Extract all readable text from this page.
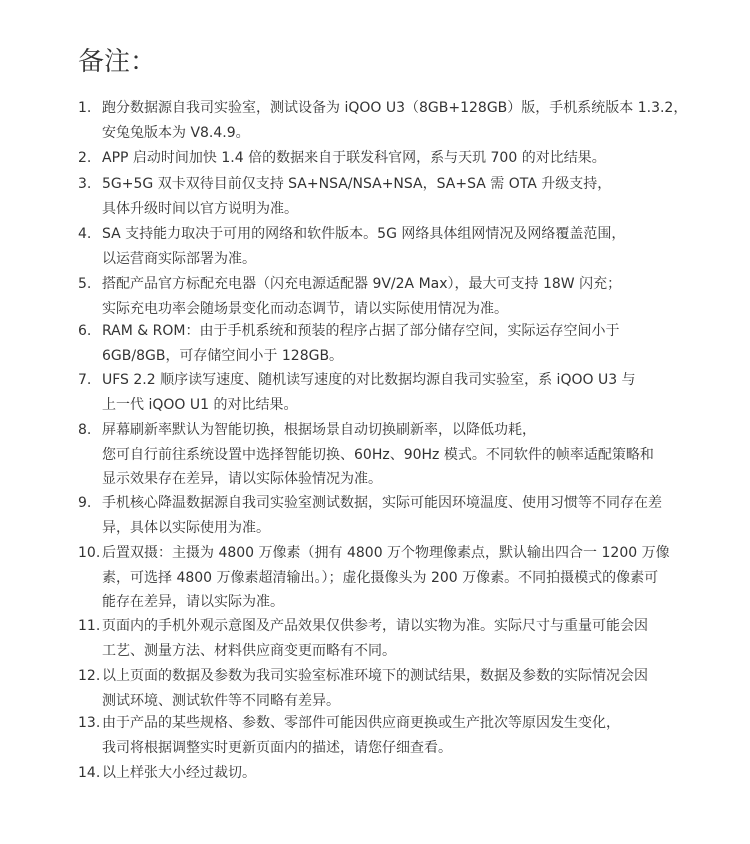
备注：
1. 跑分数据源自我司实验室，测试设备为 iQOO U3（8GB+128GB）版，手机系统版本 1.3.2，
安兔兔版本为 V8.4.9。
2. APP 启动时间加快 1.4 倍的数据来自于联发科官网，系与天玑 700 的对比结果。
3. 5G+5G 双卡双待目前仅支持 SA+NSA/NSA+NSA，SA+SA 需 OTA 升级支持，
具体升级时间以官方说明为准。
4. SA 支持能力取决于可用的网络和软件版本。5G 网络具体组网情况及网络覆盖范围，
以运营商实际部署为准。
5. 搭配产品官方标配充电器（闪充电源适配器 9V/2A Max），最大可支持 18W 闪充；
实际充电功率会随场景变化而动态调节，请以实际使用情况为准。
6. RAM & ROM：由于手机系统和预装的程序占据了部分储存空间，实际运存空间小于
6GB/8GB，可存储空间小于 128GB。
7. UFS 2.2 顺序读写速度、随机读写速度的对比数据均源自我司实验室，系 iQOO U3 与
上一代 iQOO U1 的对比结果。
8. 屏幕刷新率默认为智能切换，根据场景自动切换刷新率，以降低功耗，
您可自行前往系统设置中选择智能切换、60Hz、90Hz 模式。不同软件的帧率适配策略和
显示效果存在差异，请以实际体验情况为准。
9. 手机核心降温数据源自我司实验室测试数据，实际可能因环境温度、使用习惯等不同存在差
异，具体以实际使用为准。
10. 后置双摄：主摄为 4800 万像素（拥有 4800 万个物理像素点，默认输出四合一 1200 万像
素，可选择 4800 万像素超清输出。）；虚化摄像头为 200 万像素。不同拍摄模式的像素可
能存在差异，请以实际为准。
11. 页面内的手机外观示意图及产品效果仅供参考，请以实物为准。实际尺寸与重量可能会因
工艺、测量方法、材料供应商变更而略有不同。
12. 以上页面的数据及参数为我司实验室标准环境下的测试结果，数据及参数的实际情况会因
测试环境、测试软件等不同略有差异。
13. 由于产品的某些规格、参数、零部件可能因供应商更换或生产批次等原因发生变化，
我司将根据调整实时更新页面内的描述，请您仔细查看。
14. 以上样张大小经过裁切。
